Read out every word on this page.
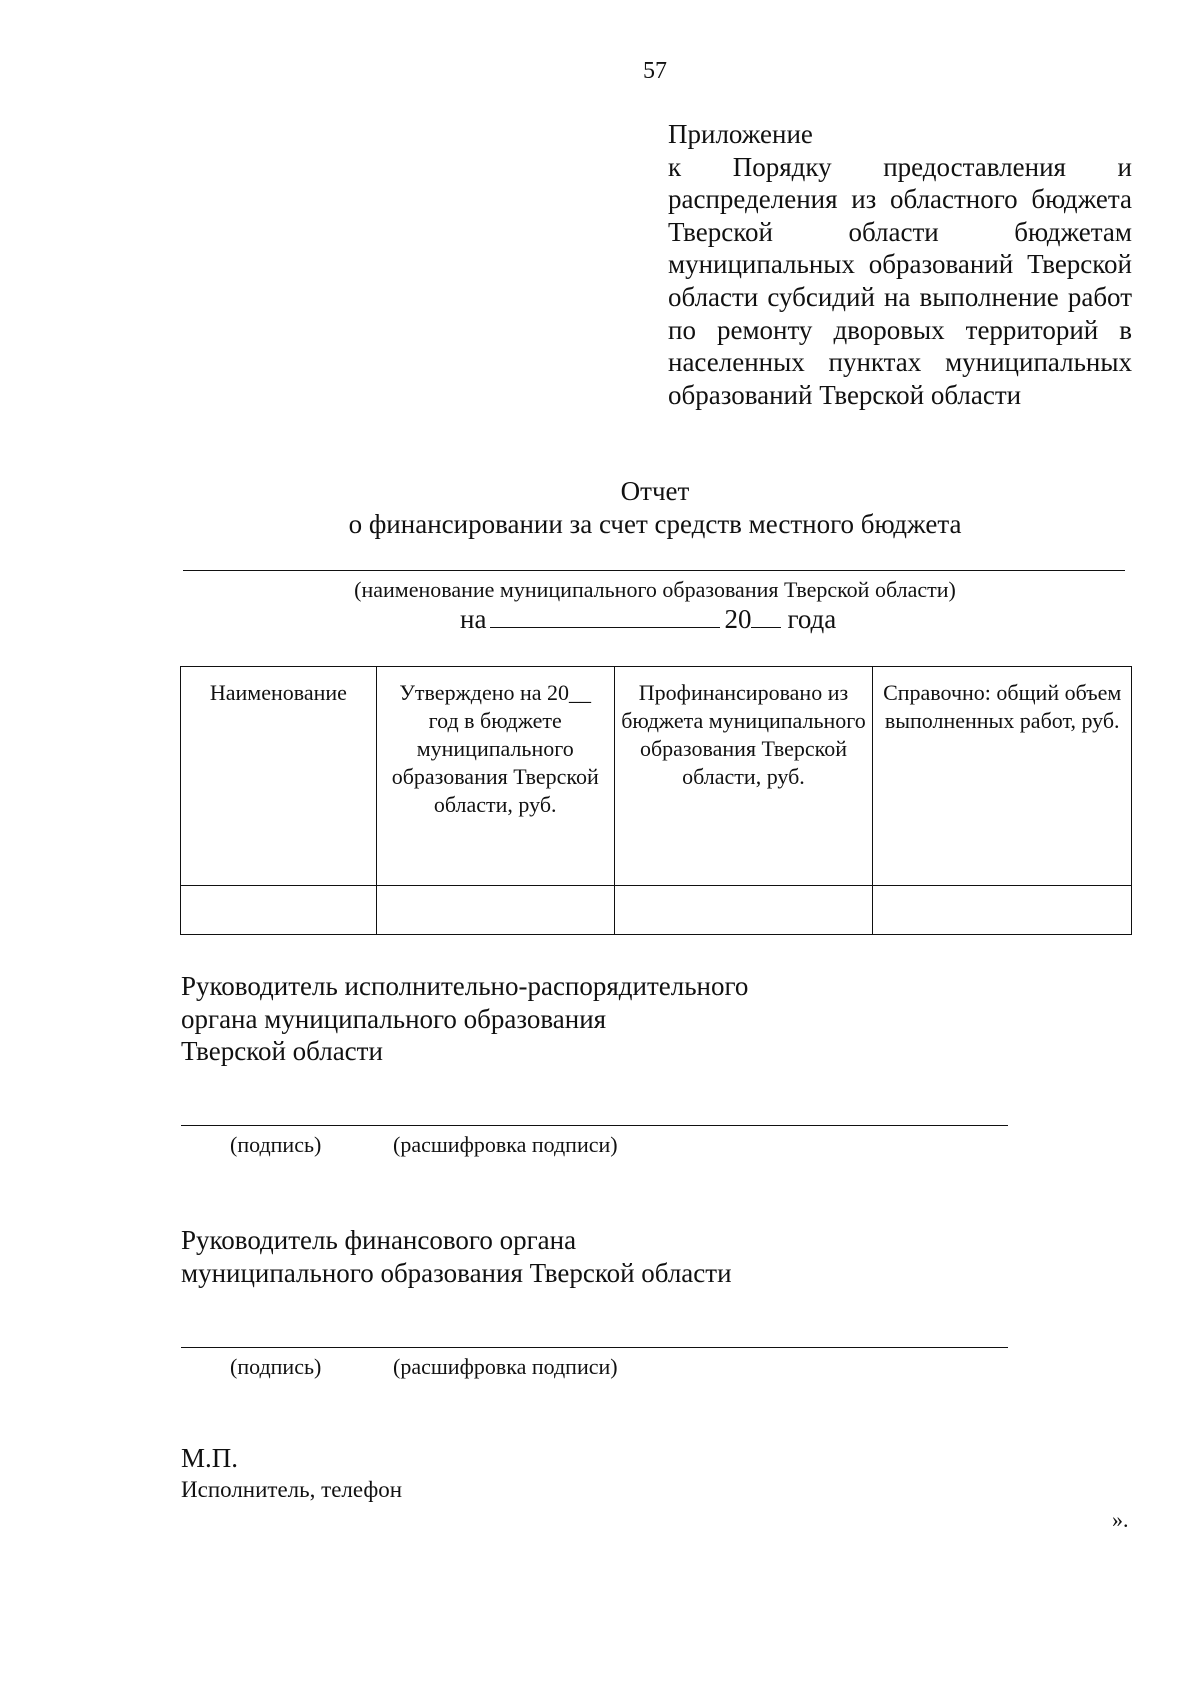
57
Приложение
к Порядку предоставления и распределения из областного бюджета Тверской области бюджетам муниципальных образований Тверской области субсидий на выполнение работ по ремонту дворовых территорий в населенных пунктах муниципальных образований Тверской области
Отчет
о финансировании за счет средств местного бюджета
(наименование муниципального образования Тверской области)
на	20 года
Наименование	Утверждено на 20__ год в бюджете муниципального образования Тверской области, руб.	Профинансировано из бюджета муниципального образования Тверской области, руб.	Справочно: общий объем выполненных работ, руб.

Руководитель исполнительно-распорядительного
органа муниципального образования
Тверской области
(подпись)	(расшифровка подписи)
Руководитель финансового органа
муниципального образования Тверской области
(подпись)	(расшифровка подписи)
М.П.
Исполнитель, телефон
».
